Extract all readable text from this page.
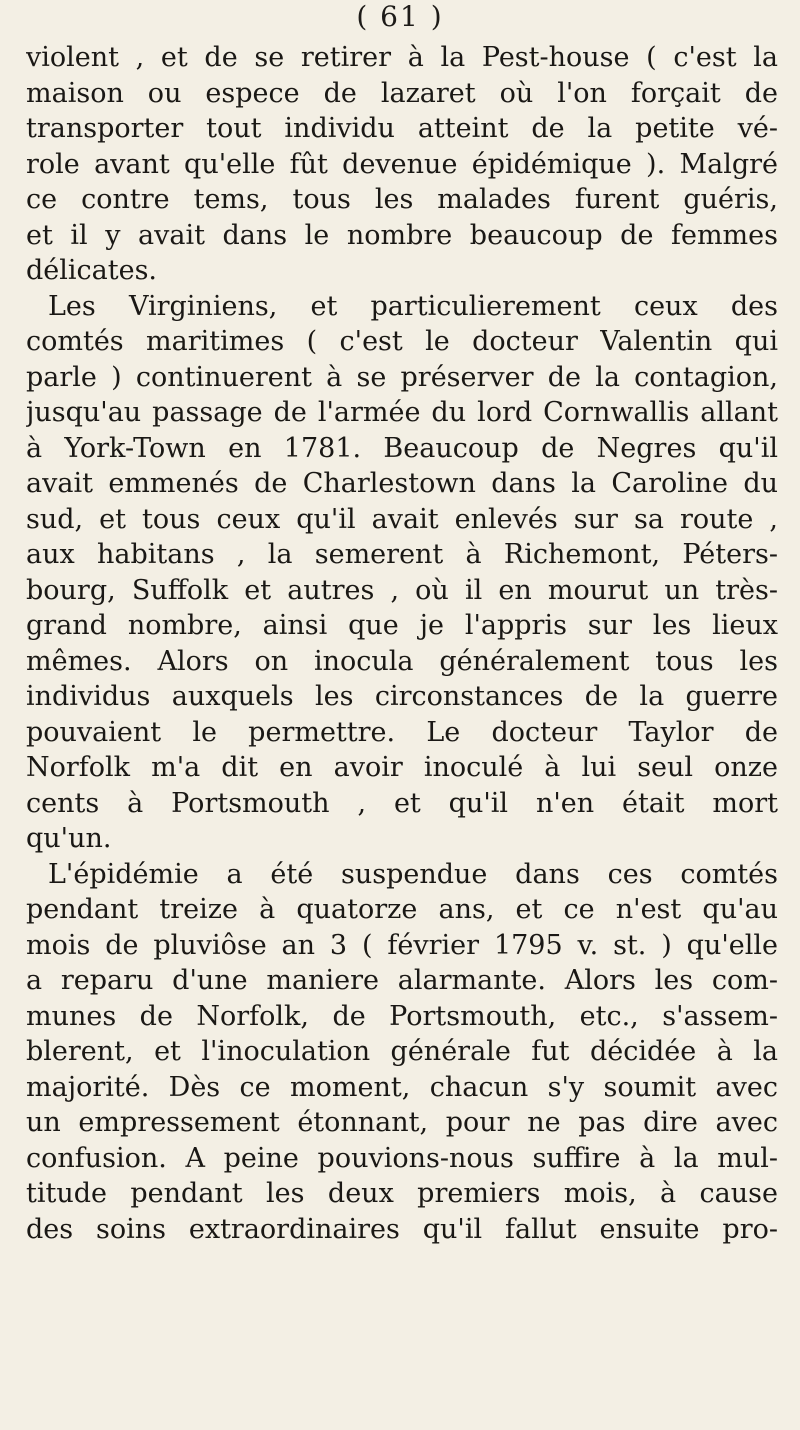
( 61 )
violent , et de se retirer à la Pest-house ( c'est la
maison ou espece de lazaret où l'on forçait de
transporter tout individu atteint de la petite vé-
role avant qu'elle fût devenue épidémique ). Malgré
ce contre tems, tous les malades furent guéris,
et il y avait dans le nombre beaucoup de femmes
délicates.
Les Virginiens, et particulierement ceux des
comtés maritimes ( c'est le docteur Valentin qui
parle ) continuerent à se préserver de la contagion,
jusqu'au passage de l'armée du lord Cornwallis allant
à York-Town en 1781. Beaucoup de Negres qu'il
avait emmenés de Charlestown dans la Caroline du
sud, et tous ceux qu'il avait enlevés sur sa route ,
aux habitans , la semerent à Richemont, Péters-
bourg, Suffolk et autres , où il en mourut un très-
grand nombre, ainsi que je l'appris sur les lieux
mêmes. Alors on inocula généralement tous les
individus auxquels les circonstances de la guerre
pouvaient le permettre. Le docteur Taylor de
Norfolk m'a dit en avoir inoculé à lui seul onze
cents à Portsmouth , et qu'il n'en était mort
qu'un.
L'épidémie a été suspendue dans ces comtés
pendant treize à quatorze ans, et ce n'est qu'au
mois de pluviôse an 3 ( février 1795 v. st. ) qu'elle
a reparu d'une maniere alarmante. Alors les com-
munes de Norfolk, de Portsmouth, etc., s'assem-
blerent, et l'inoculation générale fut décidée à la
majorité. Dès ce moment, chacun s'y soumit avec
un empressement étonnant, pour ne pas dire avec
confusion. A peine pouvions-nous suffire à la mul-
titude pendant les deux premiers mois, à cause
des soins extraordinaires qu'il fallut ensuite pro-
